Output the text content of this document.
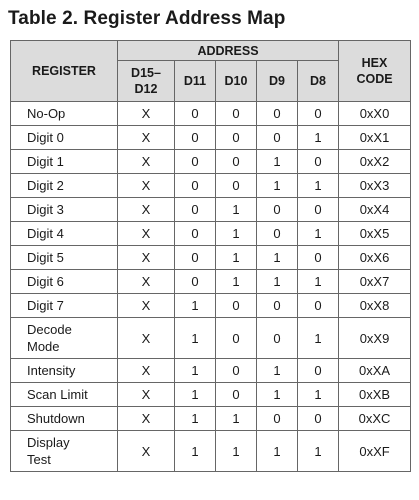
Table 2. Register Address Map
REGISTER	ADDRESS					HEX CODE
	D15–D12	D11	D10	D9	D8	
No-Op	X	0	0	0	0	0xX0
Digit 0	X	0	0	0	1	0xX1
Digit 1	X	0	0	1	0	0xX2
Digit 2	X	0	0	1	1	0xX3
Digit 3	X	0	1	0	0	0xX4
Digit 4	X	0	1	0	1	0xX5
Digit 5	X	0	1	1	0	0xX6
Digit 6	X	0	1	1	1	0xX7
Digit 7	X	1	0	0	0	0xX8
Decode Mode	X	1	0	0	1	0xX9
Intensity	X	1	0	1	0	0xXA
Scan Limit	X	1	0	1	1	0xXB
Shutdown	X	1	1	0	0	0xXC
Display Test	X	1	1	1	1	0xXF
